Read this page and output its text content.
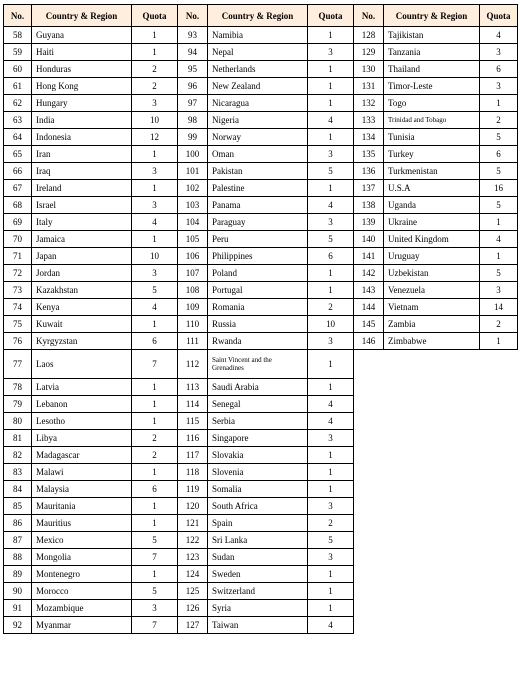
No.	Country & Region	Quota
58	Guyana	1
59	Haiti	1
60	Honduras	2
61	Hong Kong	2
62	Hungary	3
63	India	10
64	Indonesia	12
65	Iran	1
66	Iraq	3
67	Ireland	1
68	Israel	3
69	Italy	4
70	Jamaica	1
71	Japan	10
72	Jordan	3
73	Kazakhstan	5
74	Kenya	4
75	Kuwait	1
76	Kyrgyzstan	6
77	Laos	7
78	Latvia	1
79	Lebanon	1
80	Lesotho	1
81	Libya	2
82	Madagascar	2
83	Malawi	1
84	Malaysia	6
85	Mauritania	1
86	Mauritius	1
87	Mexico	5
88	Mongolia	7
89	Montenegro	1
90	Morocco	5
91	Mozambique	3
92	Myanmar	7
No.	Country & Region	Quota
93	Namibia	1
94	Nepal	3
95	Netherlands	1
96	New Zealand	1
97	Nicaragua	1
98	Nigeria	4
99	Norway	1
100	Oman	3
101	Pakistan	5
102	Palestine	1
103	Panama	4
104	Paraguay	3
105	Peru	5
106	Philippines	6
107	Poland	1
108	Portugal	1
109	Romania	2
110	Russia	10
111	Rwanda	3
112	Saint Vincent and the Grenadines	1
113	Saudi Arabia	1
114	Senegal	4
115	Serbia	4
116	Singapore	3
117	Slovakia	1
118	Slovenia	1
119	Somalia	1
120	South Africa	3
121	Spain	2
122	Sri Lanka	5
123	Sudan	3
124	Sweden	1
125	Switzerland	1
126	Syria	1
127	Taiwan	4
No.	Country & Region	Quota
128	Tajikistan	4
129	Tanzania	3
130	Thailand	6
131	Timor-Leste	3
132	Togo	1
133	Trinidad and Tobago	2
134	Tunisia	5
135	Turkey	6
136	Turkmenistan	5
137	U.S.A	16
138	Uganda	5
139	Ukraine	1
140	United Kingdom	4
141	Uruguay	1
142	Uzbekistan	5
143	Venezuela	3
144	Vietnam	14
145	Zambia	2
146	Zimbabwe	1
